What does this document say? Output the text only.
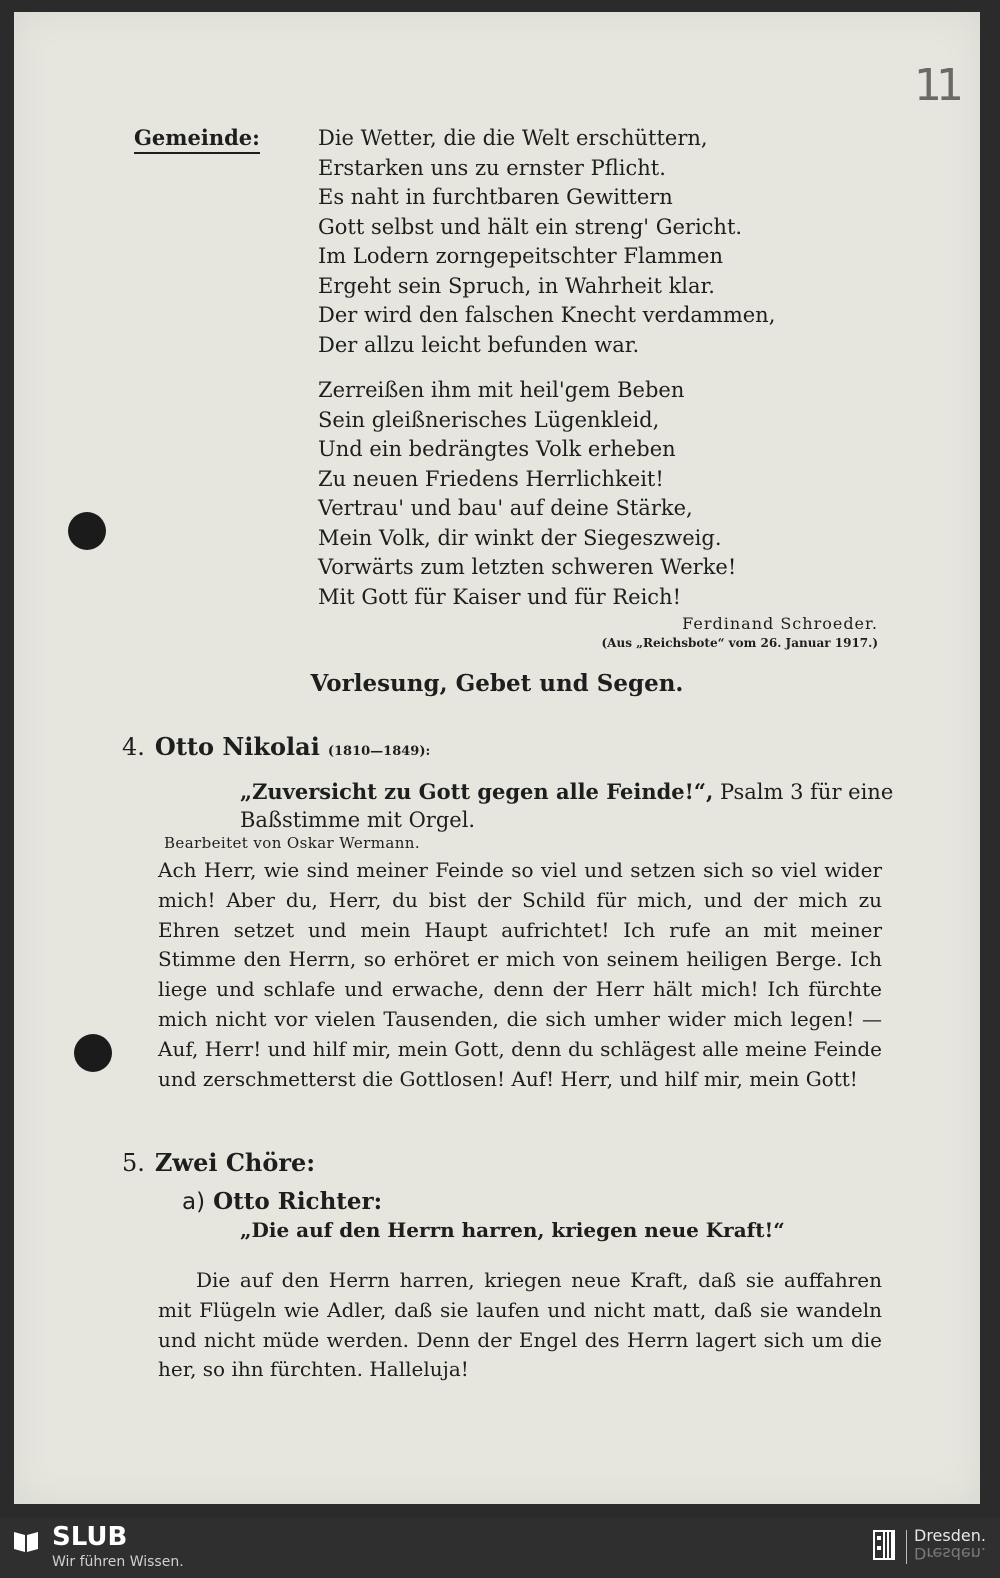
11
Gemeinde:	Die Wetter, die die Welt erschüttern,
Erstarken uns zu ernster Pflicht.
Es naht in furchtbaren Gewittern
Gott selbst und hält ein streng' Gericht.
Im Lodern zorngepeitschter Flammen
Ergeht sein Spruch, in Wahrheit klar.
Der wird den falschen Knecht verdammen,
Der allzu leicht befunden war.
Zerreißen ihm mit heil'gem Beben
Sein gleißnerisches Lügenkleid,
Und ein bedrängtes Volk erheben
Zu neuen Friedens Herrlichkeit!
Vertrau' und bau' auf deine Stärke,
Mein Volk, dir winkt der Siegeszweig.
Vorwärts zum letzten schweren Werke!
Mit Gott für Kaiser und für Reich!
Ferdinand Schroeder.
(Aus „Reichsbote“ vom 26. Januar 1917.)
Vorlesung, Gebet und Segen.
4. Otto Nikolai (1810—1849):
„Zuversicht zu Gott gegen alle Feinde!“, Psalm 3 für eine Baßstimme mit Orgel.
Bearbeitet von Oskar Wermann.

Ach Herr, wie sind meiner Feinde so viel und setzen sich so viel wider mich! Aber du, Herr, du bist der Schild für mich, und der mich zu Ehren setzet und mein Haupt aufrichtet! Ich rufe an mit meiner Stimme den Herrn, so erhöret er mich von seinem heiligen Berge. Ich liege und schlafe und erwache, denn der Herr hält mich! Ich fürchte mich nicht vor vielen Tausenden, die sich umher wider mich legen! — Auf, Herr! und hilf mir, mein Gott, denn du schlägest alle meine Feinde und zerschmetterst die Gottlosen! Auf! Herr, und hilf mir, mein Gott!

5. Zwei Chöre:
a) Otto Richter:
„Die auf den Herrn harren, kriegen neue Kraft!“

Die auf den Herrn harren, kriegen neue Kraft, daß sie auffahren mit Flügeln wie Adler, daß sie laufen und nicht matt, daß sie wandeln und nicht müde werden. Denn der Engel des Herrn lagert sich um die her, so ihn fürchten. Halleluja!

SLUB
Wir führen Wissen.
Dresden.
Dresden.
